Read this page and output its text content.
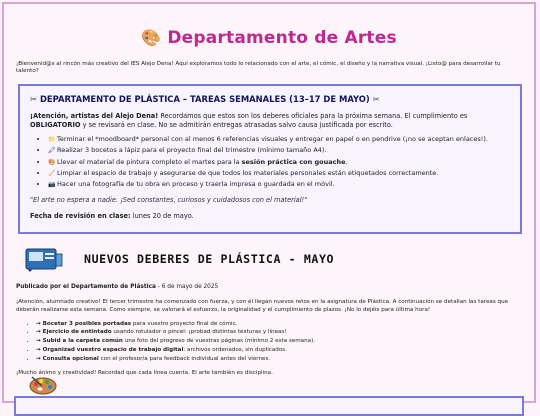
🎨 Departamento de Artes
¡Bienvenid@s al rincón más creativo del IES Alejo Dena! Aquí exploramos todo lo relacionado con el arte, el cómic, el diseño y la narrativa visual. ¡Listo@ para desarrollar tu talento?
✂ DEPARTAMENTO DE PLÁSTICA – TAREAS SEMANALES (13–17 DE MAYO) ✂

¡Atención, artistas del Alejo Dena! Recordamos que estos son los deberes oficiales para la próxima semana. El cumplimiento es OBLIGATORIO y se revisará en clase. No se admitirán entregas atrasadas salvo causa justificada por escrito.

• 📁 Terminar el *moodboard* personal con al menos 6 referencias visuales y entregar en papel o en pendrive (¡no se aceptan enlaces!).
• 🖍Realizar 3 bocetos a lápiz para el proyecto final del trimestre (mínimo tamaño A4).
• 🎨 Llevar el material de pintura completo el martes para la sesión práctica con gouache.
• 🧹 Limpiar el espacio de trabajo y asegurarse de que todos los materiales personales están etiquetados correctamente.
• 📷 Hacer una fotografía de tu obra en proceso y traerla impresa o guardada en el móvil.
"El arte no espera a nadie. ¡Sed constantes, curiosos y cuidadosos con el material!"
Fecha de revisión en clase: lunes 20 de mayo.
NUEVOS DEBERES DE PLÁSTICA - MAYO
Publicado por el Departamento de Plástica - 6 de mayo de 2025
¡Atención, alumnado creativo! El tercer trimestre ha comenzado con fuerza, y con él llegan nuevos retos en la asignatura de Plástica. A continuación se detallan las tareas que deberán realizarse esta semana. Como siempre, se valorará el esfuerzo, la originalidad y el cumplimiento de plazos. ¡No lo dejéis para última hora!
• → Bocetar 3 posibles portadas para vuestro proyecto final de cómic.
• → Ejercicio de entintado usando rotulador o pincel: ¡probad distintas texturas y líneas!
• → Subid a la carpeta común una foto del progreso de vuestras páginas (mínimo 2 esta semana).
• → Organizad vuestro espacio de trabajo digital: archivos ordenados, sin duplicados.
• → Consulta opcional con el profesor/a para feedback individual antes del viernes.
¡Mucho ánimo y creatividad! Recordad que cada línea cuenta. El arte también es disciplina.
